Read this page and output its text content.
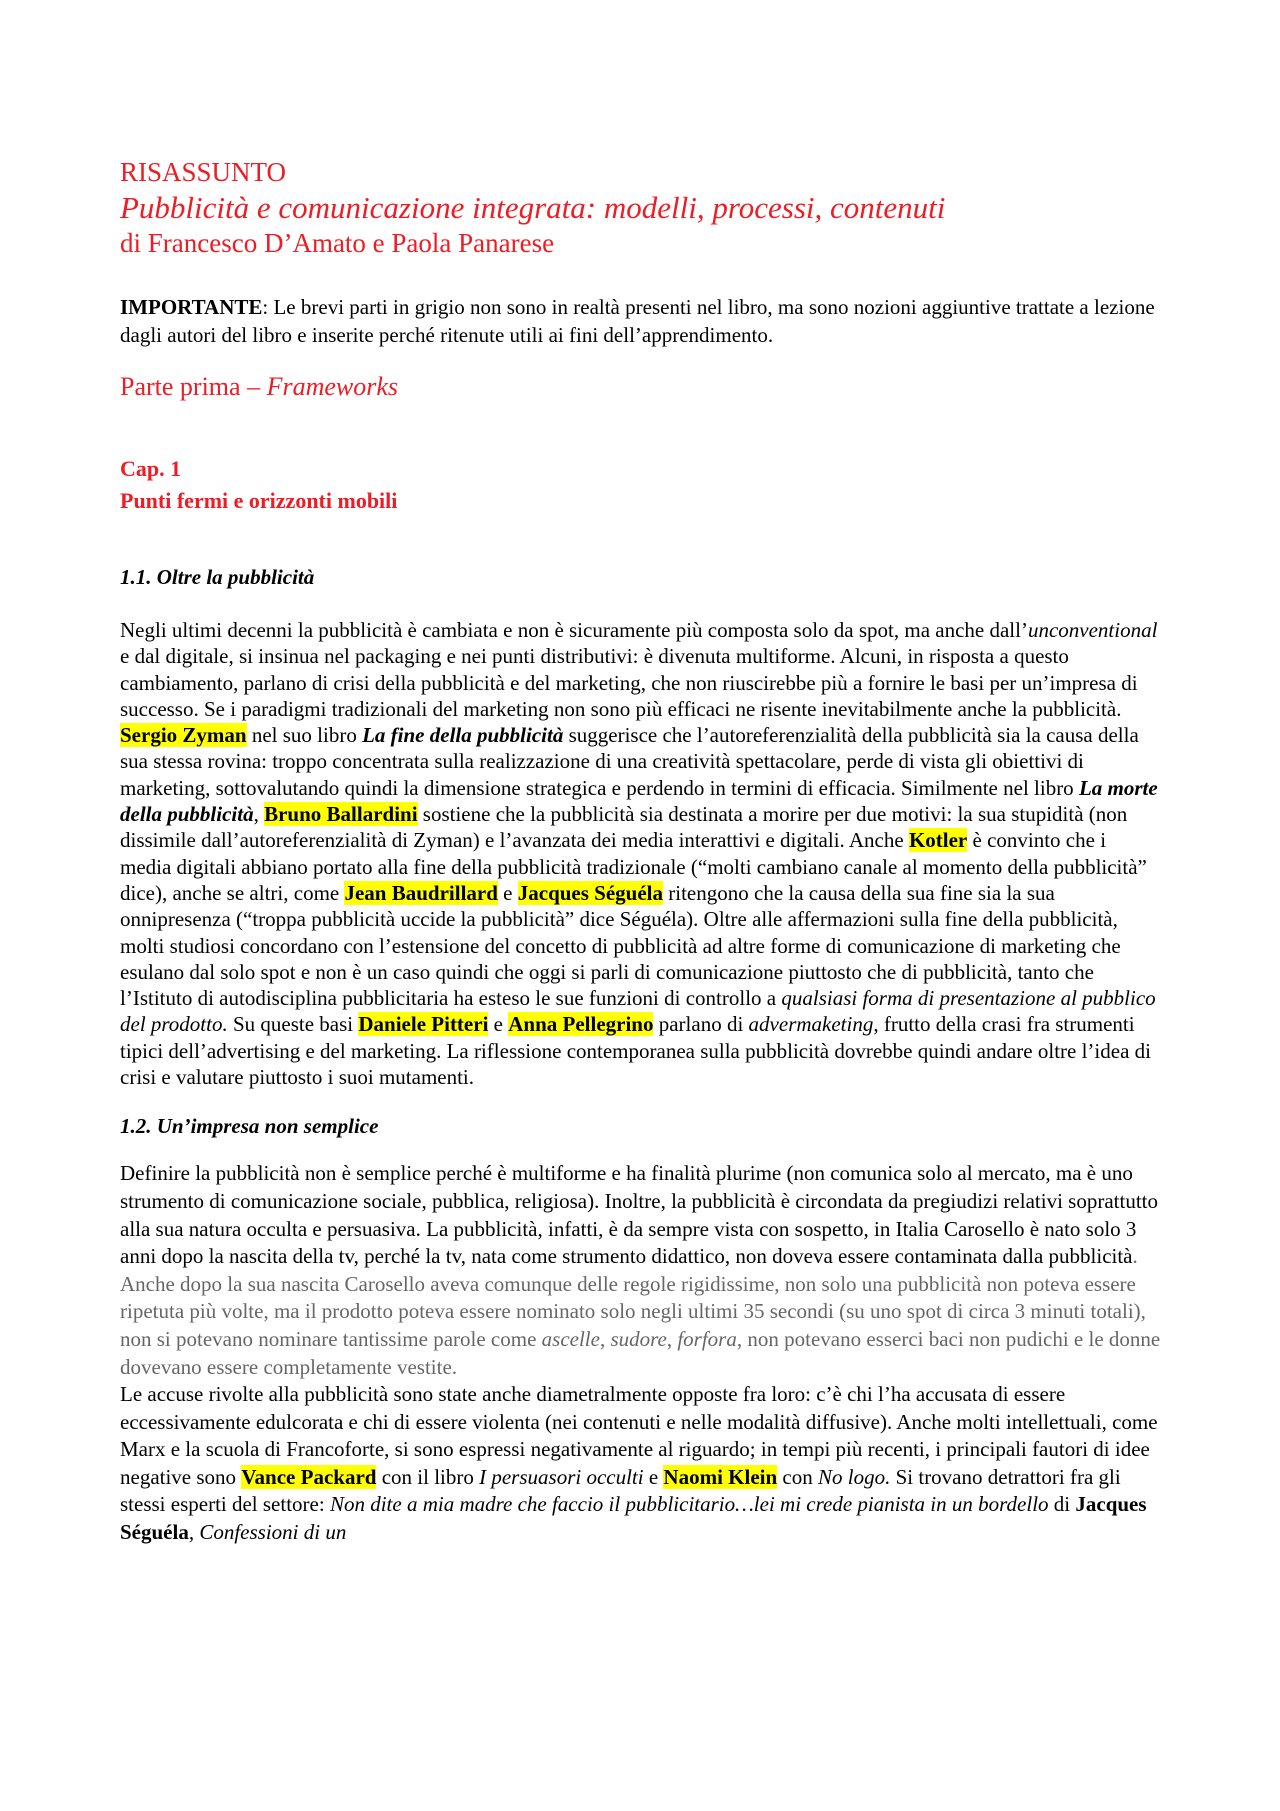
RISASSUNTO
Pubblicità e comunicazione integrata: modelli, processi, contenuti
di Francesco D’Amato e Paola Panarese

IMPORTANTE: Le brevi parti in grigio non sono in realtà presenti nel libro, ma sono nozioni aggiuntive trattate a lezione dagli autori del libro e inserite perché ritenute utili ai fini dell’apprendimento.

Parte prima – Frameworks
Cap. 1
Punti fermi e orizzonti mobili
1.1. Oltre la pubblicità

Negli ultimi decenni la pubblicità è cambiata e non è sicuramente più composta solo da spot, ma anche dall’unconventional e dal digitale, si insinua nel packaging e nei punti distributivi: è divenuta multiforme. Alcuni, in risposta a questo cambiamento, parlano di crisi della pubblicità e del marketing, che non riuscirebbe più a fornire le basi per un’impresa di successo. Se i paradigmi tradizionali del marketing non sono più efficaci ne risente inevitabilmente anche la pubblicità. Sergio Zyman nel suo libro La fine della pubblicità suggerisce che l’autoreferenzialità della pubblicità sia la causa della sua stessa rovina: troppo concentrata sulla realizzazione di una creatività spettacolare, perde di vista gli obiettivi di marketing, sottovalutando quindi la dimensione strategica e perdendo in termini di efficacia. Similmente nel libro La morte della pubblicità, Bruno Ballardini sostiene che la pubblicità sia destinata a morire per due motivi: la sua stupidità (non dissimile dall’autoreferenzialità di Zyman) e l’avanzata dei media interattivi e digitali. Anche Kotler è convinto che i media digitali abbiano portato alla fine della pubblicità tradizionale (“molti cambiano canale al momento della pubblicità” dice), anche se altri, come Jean Baudrillard e Jacques Séguéla ritengono che la causa della sua fine sia la sua onnipresenza (“troppa pubblicità uccide la pubblicità” dice Séguéla). Oltre alle affermazioni sulla fine della pubblicità, molti studiosi concordano con l’estensione del concetto di pubblicità ad altre forme di comunicazione di marketing che esulano dal solo spot e non è un caso quindi che oggi si parli di comunicazione piuttosto che di pubblicità, tanto che l’Istituto di autodisciplina pubblicitaria ha esteso le sue funzioni di controllo a qualsiasi forma di presentazione al pubblico del prodotto. Su queste basi Daniele Pitteri e Anna Pellegrino parlano di advermaketing, frutto della crasi fra strumenti tipici dell’advertising e del marketing. La riflessione contemporanea sulla pubblicità dovrebbe quindi andare oltre l’idea di crisi e valutare piuttosto i suoi mutamenti.

1.2. Un’impresa non semplice

Definire la pubblicità non è semplice perché è multiforme e ha finalità plurime (non comunica solo al mercato, ma è uno strumento di comunicazione sociale, pubblica, religiosa). Inoltre, la pubblicità è circondata da pregiudizi relativi soprattutto alla sua natura occulta e persuasiva. La pubblicità, infatti, è da sempre vista con sospetto, in Italia Carosello è nato solo 3 anni dopo la nascita della tv, perché la tv, nata come strumento didattico, non doveva essere contaminata dalla pubblicità. Anche dopo la sua nascita Carosello aveva comunque delle regole rigidissime, non solo una pubblicità non poteva essere ripetuta più volte, ma il prodotto poteva essere nominato solo negli ultimi 35 secondi (su uno spot di circa 3 minuti totali), non si potevano nominare tantissime parole come ascelle, sudore, forfora, non potevano esserci baci non pudichi e le donne dovevano essere completamente vestite.
Le accuse rivolte alla pubblicità sono state anche diametralmente opposte fra loro: c’è chi l’ha accusata di essere eccessivamente edulcorata e chi di essere violenta (nei contenuti e nelle modalità diffusive). Anche molti intellettuali, come Marx e la scuola di Francoforte, si sono espressi negativamente al riguardo; in tempi più recenti, i principali fautori di idee negative sono Vance Packard con il libro I persuasori occulti e Naomi Klein con No logo. Si trovano detrattori fra gli stessi esperti del settore: Non dite a mia madre che faccio il pubblicitario…lei mi crede pianista in un bordello di Jacques Séguéla, Confessioni di un
